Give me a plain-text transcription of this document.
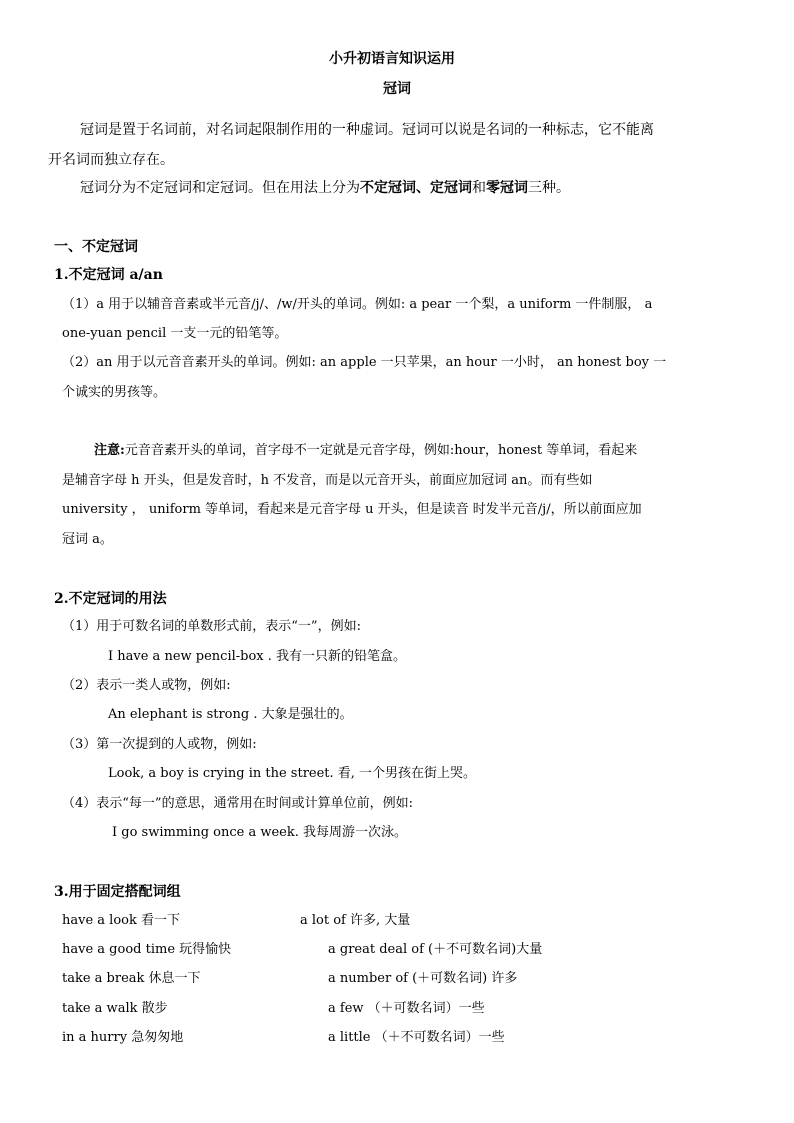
小升初语言知识运用
冠词
冠词是置于名词前，对名词起限制作用的一种虚词。冠词可以说是名词的一种标志，它不能离
开名词而独立存在。
冠词分为不定冠词和定冠词。但在用法上分为不定冠词、定冠词和零冠词三种。
一、不定冠词
1.不定冠词 a/an
（1）a 用于以辅音音素或半元音/j/、/w/开头的单词。例如: a pear 一个梨，a uniform 一件制服， a
one-yuan pencil 一支一元的铅笔等。
（2）an 用于以元音音素开头的单词。例如: an apple 一只苹果，an hour 一小时， an honest boy 一
个诚实的男孩等。
注意:元音音素开头的单词，首字母不一定就是元音字母，例如:hour，honest 等单词，看起来
是辅音字母 h 开头，但是发音时，h 不发音，而是以元音开头，前面应加冠词 an。而有些如
university ， uniform 等单词，看起来是元音字母 u 开头，但是读音 时发半元音/j/，所以前面应加
冠词 a。
2.不定冠词的用法
（1）用于可数名词的单数形式前，表示“一”，例如:
I have a new pencil-box . 我有一只新的铅笔盒。
（2）表示一类人或物，例如:
An elephant is strong . 大象是强壮的。
（3）第一次提到的人或物，例如:
Look, a boy is crying in the street. 看, 一个男孩在街上哭。
（4）表示“每一”的意思，通常用在时间或计算单位前，例如:
I go swimming once a week. 我每周游一次泳。
3.用于固定搭配词组
have a look 看一下
have a good time 玩得愉快
take a break 休息一下
take a walk 散步
in a hurry 急匆匆地
a lot of 许多, 大量
a great deal of (＋不可数名词)大量
a number of (＋可数名词) 许多
a few （＋可数名词）一些
a little （＋不可数名词）一些
